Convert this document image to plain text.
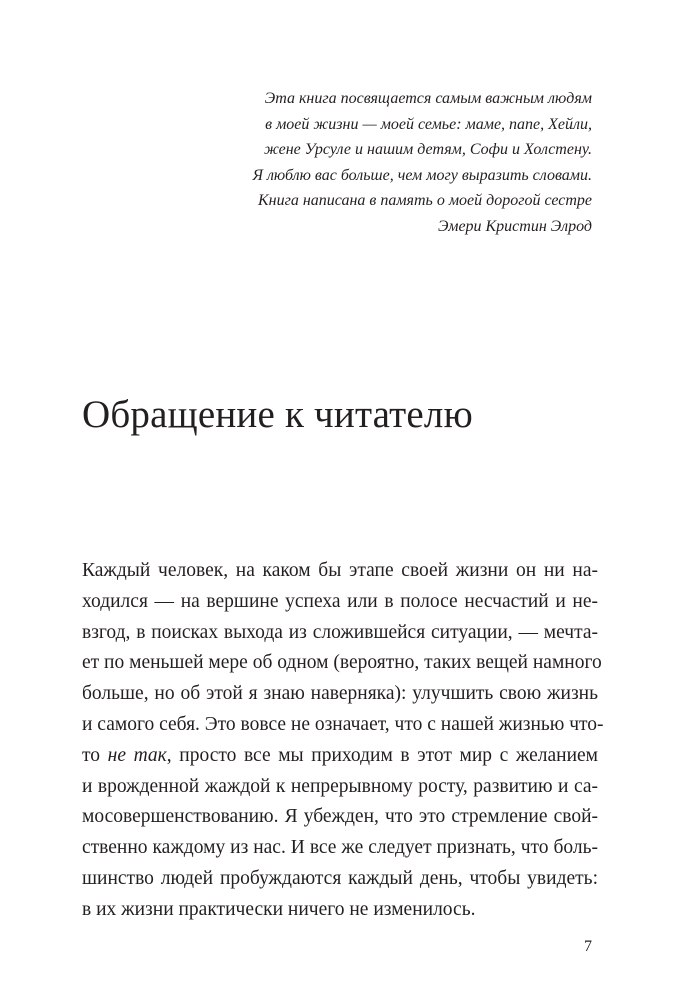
Эта книга посвящается самым важным людям
в моей жизни — моей семье: маме, папе, Хейли,
жене Урсуле и нашим детям, Софи и Холстену.
Я люблю вас больше, чем могу выразить словами.
Книга написана в память о моей дорогой сестре
Эмери Кристин Элрод
Обращение к читателю
Каждый человек, на каком бы этапе своей жизни он ни на-
ходился — на вершине успеха или в полосе несчастий и не-
взгод, в поисках выхода из сложившейся ситуации, — мечта-
ет по меньшей мере об одном (вероятно, таких вещей намного
больше, но об этой я знаю наверняка): улучшить свою жизнь
и самого себя. Это вовсе не означает, что с нашей жизнью что-
то не так, просто все мы приходим в этот мир с желанием
и врожденной жаждой к непрерывному росту, развитию и са-
мосовершенствованию. Я убежден, что это стремление свой-
ственно каждому из нас. И все же следует признать, что боль-
шинство людей пробуждаются каждый день, чтобы увидеть:
в их жизни практически ничего не изменилось.
7
